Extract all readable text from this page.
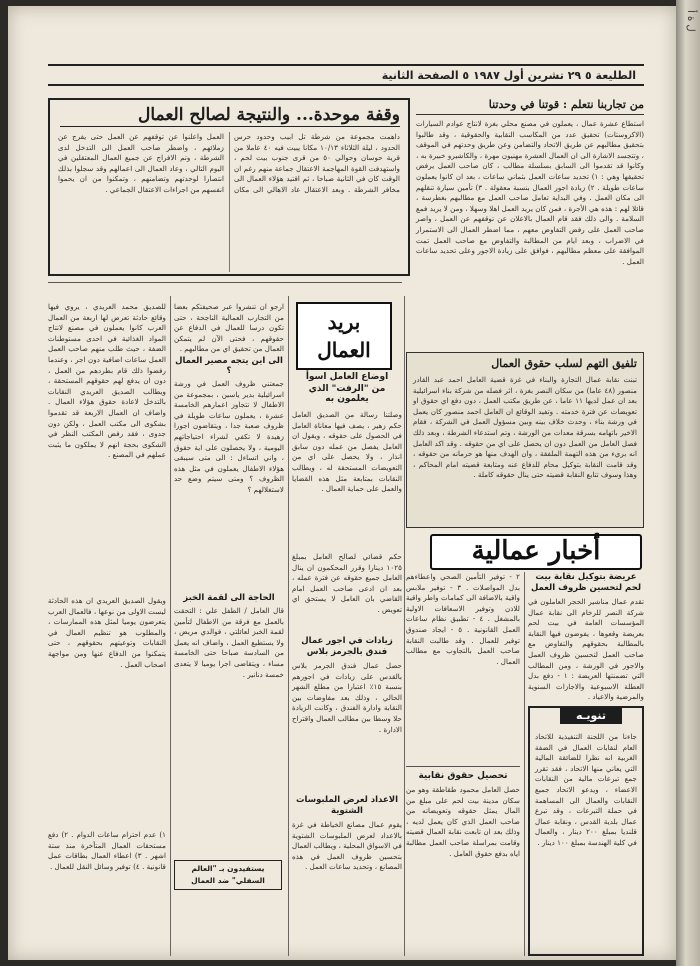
الطليعة ٥ ٢٩ تشرين أول ١٩٨٧ ٥ الصفحة الثانية
وقفة موحدة... والنتيجة لصالح العمال
داهمت مجموعة من شرطة تل ابيب وحدود حرس الحدود ، ليلة الثلاثاء ١٠/١٣ مكانا يبيت فيه ٤٠ عاملا من قرية حوسان وحوالي ٥٠ من قرى جنوب بيت لحم ، واستهدفت القوة المهاجمة الاعتقال جماعة منهم رغم ان الوقت كان في الثانية صباحا ، ثم اقتيد هؤلاء العمال الى مخافر الشرطة . وبعد الاعتقال عاد الاهالي الى مكان العمل واعلنوا عن توقفهم عن العمل حتى يفرج عن زملائهم ، واضطر صاحب العمل الى التدخل لدى الشرطة ، وتم الافراج عن جميع العمال المعتقلين في اليوم التالي ، وعاد العمال الى اعمالهم وقد سجلوا بذلك انتصارا لوحدتهم وتضامنهم ، وتمكنوا من ان يحموا انفسهم من اجراءات الاعتقال الجماعي .
من تجاربنا نتعلم : قوتنا في وحدتنا
استطاع عشرة عمال ، يعملون في مصنع محلي بغزة لانتاج عوادم السيارات (الاكزوستات) تحقيق عدد من المكاسب النقابية والحقوقية ، وقد طالبوا بتحقيق مطالبهم عن طريق الاتحاد والتضامن وعن طريق وحدتهم في الموقف ، وتتجسد الاشارة الى ان العمال العشرة مهنيون مهرة ، والكاشيرو خبيرة به ، وكانوا قد تقدموا الى السابق بسلسلة مطالب ، كان صاحب العمل يرفض تحقيقها وهي : ١) تحديد ساعات العمل بثماني ساعات ، بعد ان كانوا يعملون ساعات طويلة . ٢) زيادة اجور العمال بنسبة معقولة . ٣) تأمين سيارة تنقلهم الى مكان العمل . وفي البداية تعامل صاحب العمل مع مطالبهم بغطرسة ، قائلا لهم : هذه هي الأجرة ، فمن كان يريد العمل اهلا وسهلا ، ومن لا يريد فمع السلامة . والى ذلك فقد قام العمال بالاعلان عن توقفهم عن العمل ، واصر صاحب العمل على رفض التفاوض معهم ، مما اضطر العمال الى الاستمرار في الاضراب ، وبعد ايام من المطالبة والتفاوض مع صاحب العمل تمت الموافقة على معظم مطالبهم ، فوافق على زيادة الاجور وعلى تحديد ساعات العمل .
تلفيق التهم لسلب حقوق العمال
تبنت نقابة عمال التجارة والبناء في غزة قضية العامل احمد عبد القادر منصور (٤٨ عاما) من سكان النصر بغزة ، اثر فصله من شركة بناء اسرائيلية بعد ان عمل لديها ١١ عاما ، عن طريق مكتب العمل ، دون دفع اي حقوق او تعويضات عن فترة خدمته . وتفيد الوقائع ان العامل احمد منصور كان يعمل في ورشة بناء ، وحدث خلاف بينه وبين مسؤول العمل في الشركة ، فقام الاخير باتهامه بسرقة معدات من الورشة ، وتم استدعاء الشرطة ، وبعد ذلك فصل العامل من العمل دون ان يحصل على اي من حقوقه . وقد اكد العامل انه بريء من هذه التهمة الملفقة ، وان الهدف منها هو حرمانه من حقوقه ، وقد قامت النقابة بتوكيل محام للدفاع عنه ومتابعة قضيته امام المحاكم ، وهذا وسوف تتابع النقابة قضيته حتى ينال حقوقه كاملة .
أخبار عمالية
عريضة بتوكيل نقابة بيت لحم لتحسين ظروف العمل
تقدم عمال مناشير الحجر العاملون في شركة النصر للرخام الى نقابة عمال المؤسسات العامة في بيت لحم بعريضة وقعوها ، يفوضون فيها النقابة بالمطالبة بحقوقهم والتفاوض مع صاحب العمل لتحسين ظروف العمل والاجور في الورشة ، ومن المطالب التي تضمنتها العريضة : ١ - دفع بدل العطلة الاسبوعية والاجازات السنوية والمرضية والاعياد .
٢ - توفير التأمين الصحي واعطاءهم بدل المواصلات . ٣ - توفير ملابس واقية بالاضافة الى كمامات واطر واقية للاذن وتوفير الاسعافات الاولية بالمشغل . ٤ - تطبيق نظام ساعات العمل القانونية . ٥ - ايجاد صندوق توفير للعمال . وقد طالبت النقابة صاحب العمل بالتجاوب مع مطالب العمال .
تحصيل حقوق نقابية
حصل العامل محمود طقاطقة وهو من سكان مدينة بيت لحم على مبلغ من المال يمثل حقوقه وتعويضاته من صاحب العمل الذي كان يعمل لديه ، وذلك بعد ان تابعت نقابة العمال قضيته وقامت بمراسلة صاحب العمل مطالبة اياه بدفع حقوق العامل .
تنويـه
جاءنا من اللجنة التنفيذية للاتحاد العام لنقابات العمال في الضفة الغربية انه نظرا للضائقة المالية التي يعاني منها الاتحاد ، فقد تقرر جمع تبرعات مالية من النقابات الاعضاء ، ويدعو الاتحاد جميع النقابات والعمال الى المساهمة في حملة التبرعات ، وقد تبرع عمال بلدية القدس ، ونقابة عمال قلنديا بمبلغ ٢٠٠ دينار ، والعمال في كلية الهندسة بمبلغ ١٠٠ دينار .
بريد العمال
اوضاع العامل اسوأ
من "الرفت" الذي يعلمون به
وصلتنا رسالة من الصديق العامل حكم زهير ، يصف فيها معاناة العامل في الحصول على حقوقه ، ويقول ان العامل يفصل من عمله دون سابق انذار ، ولا يحصل على اي من التعويضات المستحقة له ، ويطالب النقابات بمتابعة مثل هذه القضايا والعمل على حماية العمال .
حكم قضائي لصالح العامل بمبلغ ١٠٢٥ دينارا وقرر المحكمون ان ينال العامل جميع حقوقه عن فترة عمله ، بعد ان ادعى صاحب العمل امام القاضي بان العامل لا يستحق اي تعويض .
زيادات في اجور عمال فندق بالجرمز بلاس
حصل عمال فندق الجرمز بلاس بالقدس على زيادات في اجورهم بنسبة ١٥٪ اعتبارا من مطلع الشهر الحالي ، وذلك بعد مفاوضات بين النقابة وادارة الفندق ، وكانت الزيادة حلا وسطا بين مطالب العمال واقتراح الادارة .
الاعداد لعرض الملبوسات الشتوية
يقوم عمال مصانع الخياطة في غزة بالاعداد لعرض الملبوسات الشتوية في الاسواق المحلية ، ويطالب العمال بتحسين ظروف العمل في هذه المصانع ، وتحديد ساعات العمل .
ارجو ان تنشروا عبر صحيفتكم بعضا من التجارب العمالية الناجحة ، حتى تكون درسا للعمال في الدفاع عن حقوقهم ، فحتى الآن لم يتمكن العمال من تحقيق اي من مطالبهم .
الى اين يتجه مصير العمال ؟
جمعتني ظروف العمل في ورشة اسرائيلية بدير ياسين ، بمجموعة من الاطفال لا تتجاوز اعمارهم الخامسة عشرة ، يعملون ساعات طويلة في ظروف صعبة جدا ، ويتقاضون اجورا زهيدة لا تكفي لشراء احتياجاتهم اليومية ، ولا يحصلون على اية حقوق ، واني اتساءل : الى متى سيبقى هؤلاء الاطفال يعملون في مثل هذه الظروف ؟ ومتى سيتم وضع حد لاستغلالهم ؟
الحاجة الى لقمة الخبز
قال العامل / الطفل علي : التحقت بالعمل مع فرقة من الاطفال لتأمين لقمة الخبز لعائلتي ، فوالدي مريض ، ولا يستطيع العمل ، واضاف انه يعمل من السادسة صباحا حتى الخامسة مساء ، ويتقاضى اجرا يوميا لا يتعدى خمسة دنانير .
يستفيدون بـ "العالم السفلي" ضد العمال
للصديق محمد العريدي ، يروي فيها وقائع حادثة تعرض لها اربعة من العمال العرب كانوا يعملون في مصنع لانتاج المواد الغذائية في احدى مستوطنات الضفة ، حيث طلب منهم صاحب العمل العمل ساعات اضافية دون اجر ، وعندما رفضوا ذلك قام بطردهم من العمل ، دون ان يدفع لهم حقوقهم المستحقة ، ويطالب الصديق العريدي النقابات بالتدخل لاعادة حقوق هؤلاء العمال . واضاف ان العمال الاربعة قد تقدموا بشكوى الى مكتب العمل ، ولكن دون جدوى ، فقد رفض المكتب النظر في الشكوى بحجة انهم لا يملكون ما يثبت عملهم في المصنع .
ويقول الصديق العريدي ان هذه الحادثة ليست الاولى من نوعها ، فالعمال العرب يتعرضون يوميا لمثل هذه الممارسات ، والمطلوب هو تنظيم العمال في النقابات وتوعيتهم بحقوقهم ، حتى يتمكنوا من الدفاع عنها ومن مواجهة اصحاب العمل .
١) عدم احترام ساعات الدوام . ٢) دفع مستحقات العمال المتأخرة منذ ستة اشهر . ٣) اعطاء العمال بطاقات عمل قانونية . ٤) توفير وسائل النقل للعمال .
ل ة أ
